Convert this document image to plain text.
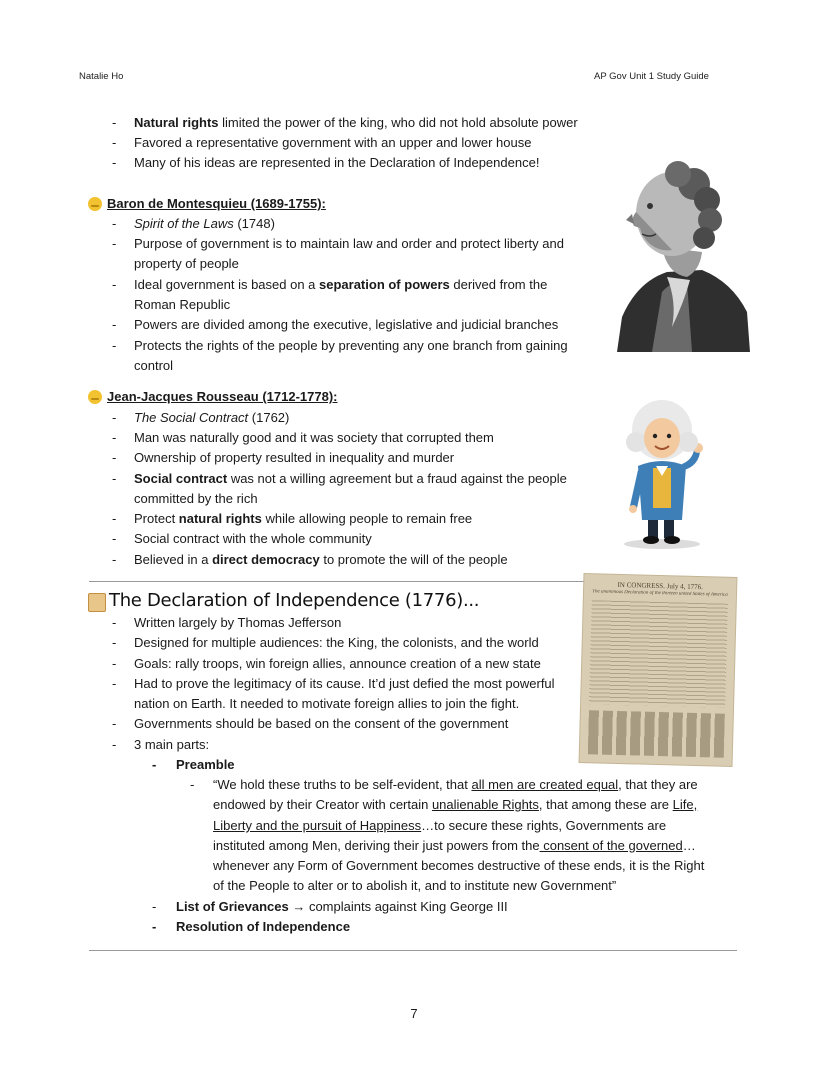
Natalie Ho	AP Gov Unit 1 Study Guide
- Natural rights limited the power of the king, who did not hold absolute power
- Favored a representative government with an upper and lower house
- Many of his ideas are represented in the Declaration of Independence!
Baron de Montesquieu (1689-1755):
- Spirit of the Laws (1748)
- Purpose of government is to maintain law and order and protect liberty and
property of people
- Ideal government is based on a separation of powers derived from the
Roman Republic
- Powers are divided among the executive, legislative and judicial branches
- Protects the rights of the people by preventing any one branch from gaining
control
Jean-Jacques Rousseau (1712-1778):
- The Social Contract (1762)
- Man was naturally good and it was society that corrupted them
- Ownership of property resulted in inequality and murder
- Social contract was not a willing agreement but a fraud against the people
committed by the rich
- Protect natural rights while allowing people to remain free
- Social contract with the whole community
- Believed in a direct democracy to promote the will of the people
The Declaration of Independence (1776)...
- Written largely by Thomas Jefferson
- Designed for multiple audiences: the King, the colonists, and the world
- Goals: rally troops, win foreign allies, announce creation of a new state
- Had to prove the legitimacy of its cause. It’d just defied the most powerful
nation on Earth. It needed to motivate foreign allies to join the fight.
- Governments should be based on the consent of the government
- 3 main parts:
- Preamble
- “We hold these truths to be self-evident, that all men are created equal, that they are
endowed by their Creator with certain unalienable Rights, that among these are Life,
Liberty and the pursuit of Happiness…to secure these rights, Governments are
instituted among Men, deriving their just powers from the consent of the governed…
whenever any Form of Government becomes destructive of these ends, it is the Right
of the People to alter or to abolish it, and to institute new Government”
- List of Grievances → complaints against King George III
- Resolution of Independence
IN CONGRESS. July 4, 1776.
The unanimous Declaration of the thirteen united States of America
7
